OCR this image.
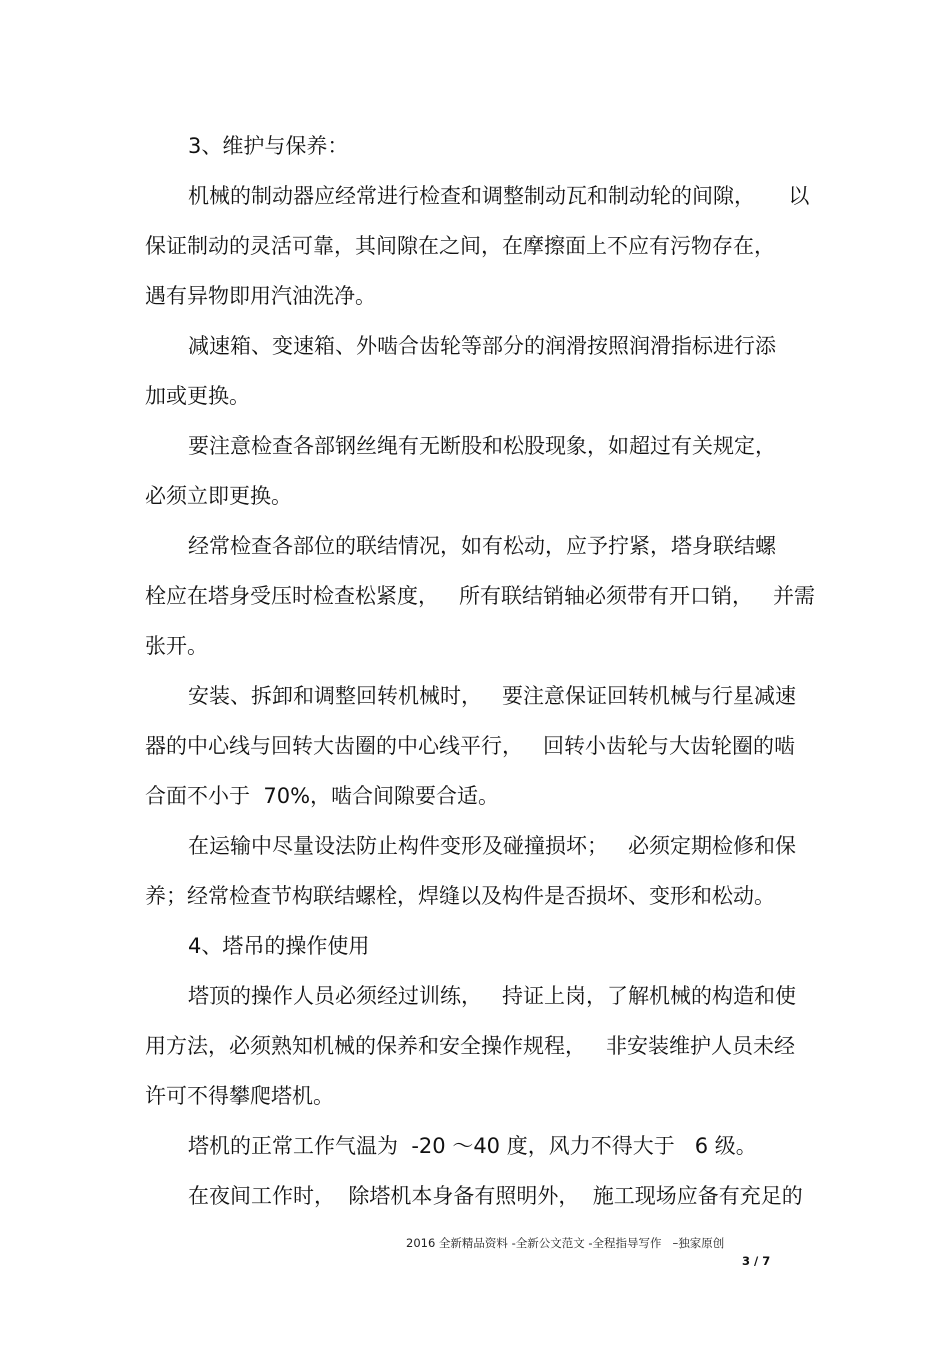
3、维护与保养：
机械的制动器应经常进行检查和调整制动瓦和制动轮的间隙，     以
保证制动的灵活可靠，其间隙在之间，在摩擦面上不应有污物存在，
遇有异物即用汽油洗净。
减速箱、变速箱、外啮合齿轮等部分的润滑按照润滑指标进行添
加或更换。
要注意检查各部钢丝绳有无断股和松股现象，如超过有关规定，
必须立即更换。
经常检查各部位的联结情况，如有松动，应予拧紧，塔身联结螺
栓应在塔身受压时检查松紧度，   所有联结销轴必须带有开口销，   并需
张开。
安装、拆卸和调整回转机械时，   要注意保证回转机械与行星减速
器的中心线与回转大齿圈的中心线平行，   回转小齿轮与大齿轮圈的啮
合面不小于  70%，啮合间隙要合适。
在运输中尽量设法防止构件变形及碰撞损坏；   必须定期检修和保
养；经常检查节构联结螺栓，焊缝以及构件是否损坏、变形和松动。
4、塔吊的操作使用
塔顶的操作人员必须经过训练，   持证上岗，了解机械的构造和使
用方法，必须熟知机械的保养和安全操作规程，   非安装维护人员未经
许可不得攀爬塔机。
塔机的正常工作气温为  -20 ～40 度，风力不得大于   6 级。
在夜间工作时，  除塔机本身备有照明外，  施工现场应备有充足的
2016 全新精品资料 -全新公文范文 -全程指导写作   –独家原创
3 / 7
